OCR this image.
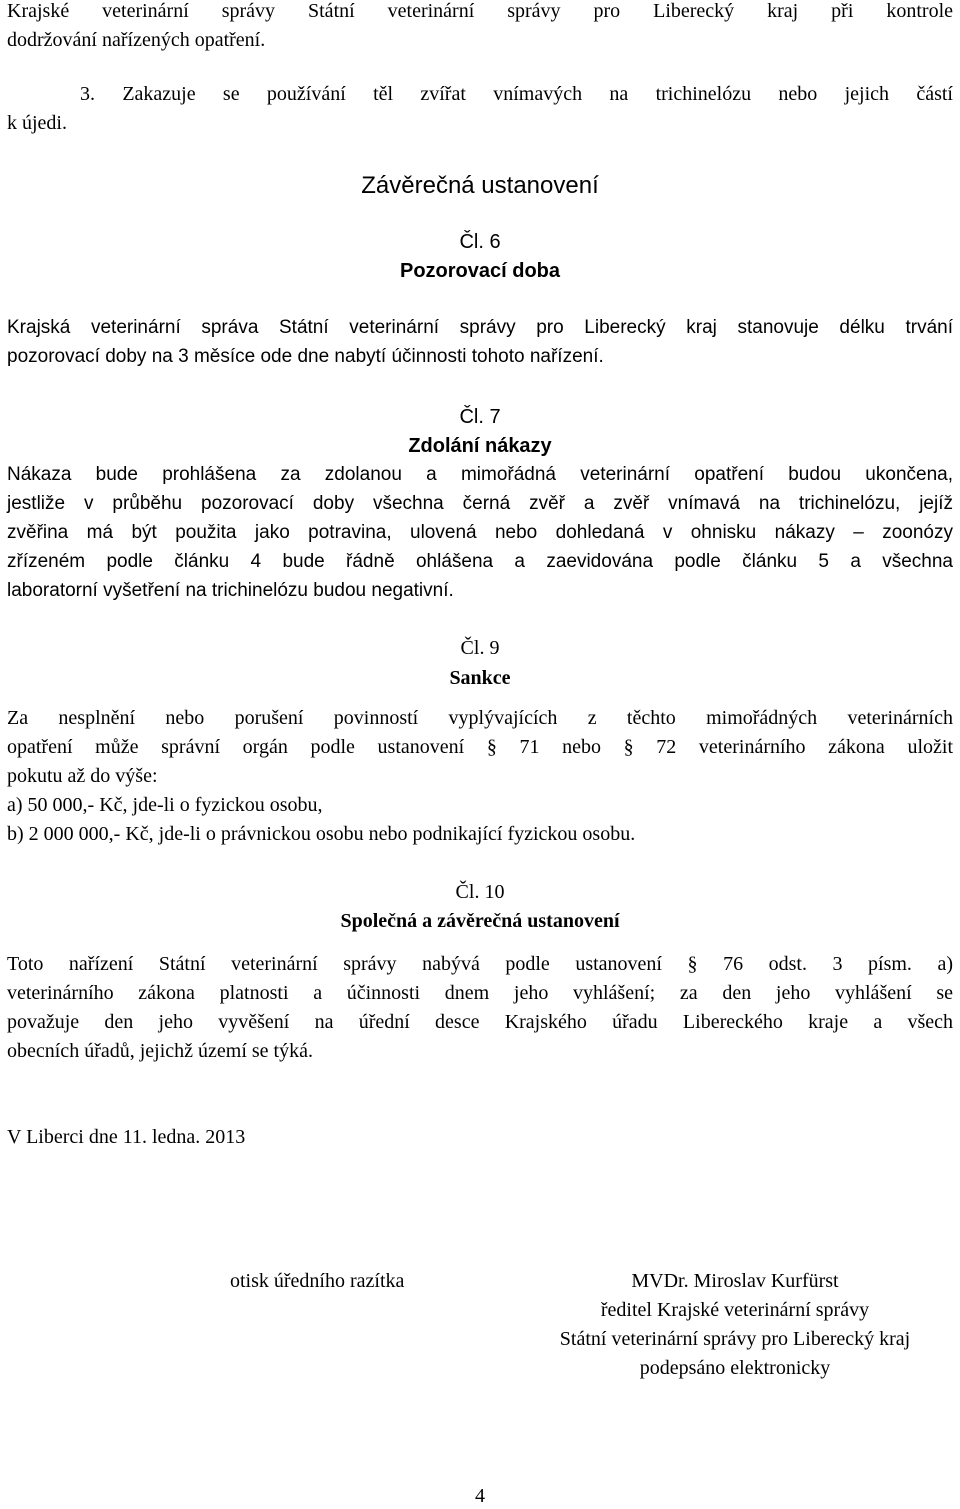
Krajské veterinární správy Státní veterinární správy pro Liberecký kraj při kontrole
dodržování nařízených opatření.
3. Zakazuje se používání těl zvířat vnímavých na trichinelózu nebo jejich částí
k újedi.
Závěrečná ustanovení
Čl. 6
Pozorovací doba
Krajská veterinární správa Státní veterinární správy pro Liberecký kraj stanovuje délku trvání
pozorovací doby na 3 měsíce ode dne nabytí účinnosti tohoto nařízení.
Čl. 7
Zdolání nákazy
Nákaza bude prohlášena za zdolanou a mimořádná veterinární opatření budou ukončena,
jestliže v průběhu pozorovací doby všechna černá zvěř a zvěř vnímavá na trichinelózu, jejíž
zvěřina má být použita jako potravina, ulovená nebo dohledaná v ohnisku nákazy – zoonózy
zřízeném podle článku 4 bude řádně ohlášena a zaevidována podle článku 5 a všechna
laboratorní vyšetření na trichinelózu budou negativní.
Čl. 9
Sankce
Za nesplnění nebo porušení povinností vyplývajících z těchto mimořádných veterinárních
opatření může správní orgán podle ustanovení § 71 nebo § 72 veterinárního zákona uložit
pokutu až do výše:
a) 50 000,- Kč, jde-li o fyzickou osobu,
b) 2 000 000,- Kč, jde-li o právnickou osobu nebo podnikající fyzickou osobu.
Čl. 10
Společná a závěrečná ustanovení
Toto nařízení Státní veterinární správy nabývá podle ustanovení § 76 odst. 3 písm. a)
veterinárního zákona platnosti a účinnosti dnem jeho vyhlášení; za den jeho vyhlášení se
považuje den jeho vyvěšení na úřední desce Krajského úřadu Libereckého kraje a všech
obecních úřadů, jejichž území se týká.
V Liberci dne 11. ledna. 2013
otisk úředního razítka	MVDr. Miroslav Kurfürst
ředitel Krajské veterinární správy
Státní veterinární správy pro Liberecký kraj
podepsáno elektronicky
4
